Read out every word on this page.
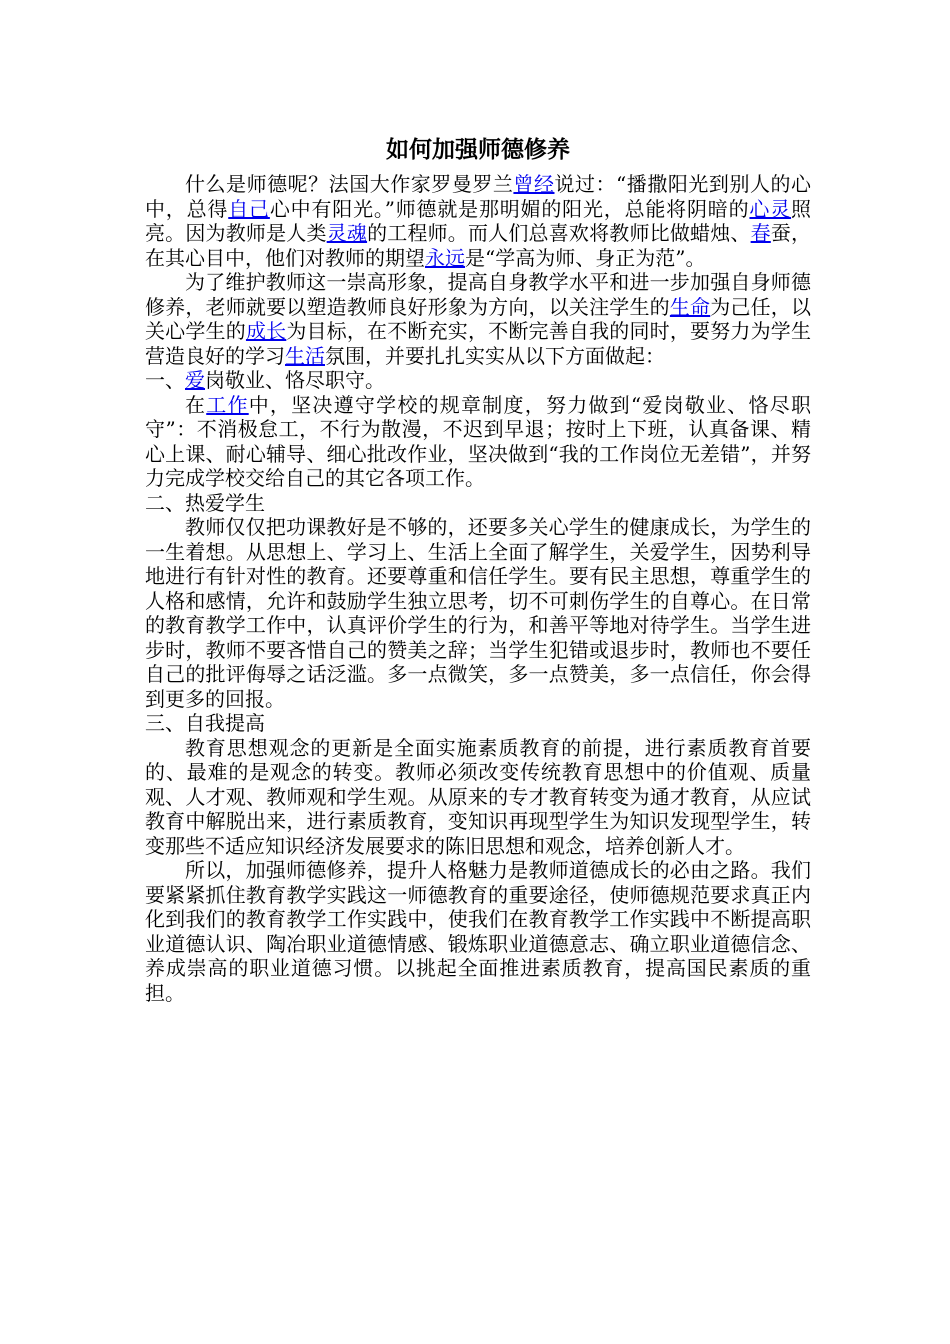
如何加强师德修养

什么是师德呢？法国大作家罗曼罗兰曾经说过：“播撒阳光到别人的心中，总得自己心中有阳光。”师德就是那明媚的阳光，总能将阴暗的心灵照亮。因为教师是人类灵魂的工程师。而人们总喜欢将教师比做蜡烛、春蚕，在其心目中，他们对教师的期望永远是“学高为师、身正为范”。

为了维护教师这一崇高形象，提高自身教学水平和进一步加强自身师德修养，老师就要以塑造教师良好形象为方向，以关注学生的生命为己任，以关心学生的成长为目标，在不断充实，不断完善自我的同时，要努力为学生营造良好的学习生活氛围，并要扎扎实实从以下方面做起：

一、爱岗敬业、恪尽职守。

在工作中，坚决遵守学校的规章制度，努力做到“爱岗敬业、恪尽职守”：不消极怠工，不行为散漫，不迟到早退；按时上下班，认真备课、精心上课、耐心辅导、细心批改作业，坚决做到“我的工作岗位无差错”，并努力完成学校交给自己的其它各项工作。

二、热爱学生

教师仅仅把功课教好是不够的，还要多关心学生的健康成长，为学生的一生着想。从思想上、学习上、生活上全面了解学生，关爱学生，因势利导地进行有针对性的教育。还要尊重和信任学生。要有民主思想，尊重学生的人格和感情，允许和鼓励学生独立思考，切不可刺伤学生的自尊心。在日常的教育教学工作中，认真评价学生的行为，和善平等地对待学生。当学生进步时，教师不要吝惜自己的赞美之辞；当学生犯错或退步时，教师也不要任自己的批评侮辱之话泛滥。多一点微笑，多一点赞美，多一点信任，你会得到更多的回报。

三、自我提高

教育思想观念的更新是全面实施素质教育的前提，进行素质教育首要的、最难的是观念的转变。教师必须改变传统教育思想中的价值观、质量观、人才观、教师观和学生观。从原来的专才教育转变为通才教育，从应试教育中解脱出来，进行素质教育，变知识再现型学生为知识发现型学生，转变那些不适应知识经济发展要求的陈旧思想和观念，培养创新人才。

所以，加强师德修养，提升人格魅力是教师道德成长的必由之路。我们要紧紧抓住教育教学实践这一师德教育的重要途径，使师德规范要求真正内化到我们的教育教学工作实践中，使我们在教育教学工作实践中不断提高职业道德认识、陶冶职业道德情感、锻炼职业道德意志、确立职业道德信念、养成崇高的职业道德习惯。以挑起全面推进素质教育，提高国民素质的重担。
